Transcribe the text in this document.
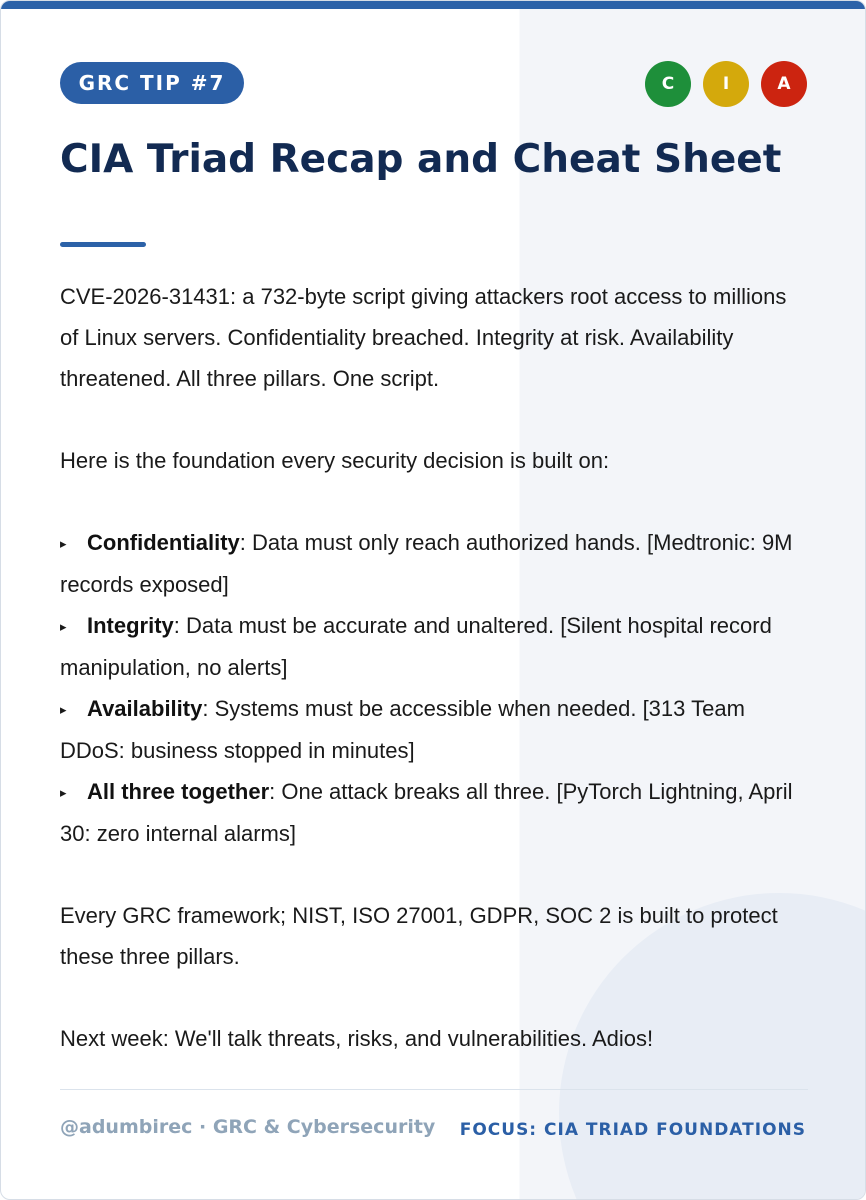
GRC TIP #7	C	I	A
CIA Triad Recap and Cheat Sheet

CVE-2026-31431: a 732-byte script giving attackers root access to millions of Linux servers. Confidentiality breached. Integrity at risk. Availability threatened. All three pillars. One script.

Here is the foundation every security decision is built on:

▸ Confidentiality: Data must only reach authorized hands. [Medtronic: 9M records exposed]

▸ Integrity: Data must be accurate and unaltered. [Silent hospital record manipulation, no alerts]

▸ Availability: Systems must be accessible when needed. [313 Team DDoS: business stopped in minutes]

▸ All three together: One attack breaks all three. [PyTorch Lightning, April 30: zero internal alarms]

Every GRC framework; NIST, ISO 27001, GDPR, SOC 2 is built to protect these three pillars.

Next week: We'll talk threats, risks, and vulnerabilities. Adios!

@adumbirec · GRC & Cybersecurity FOCUS: CIA TRIAD FOUNDATIONS
